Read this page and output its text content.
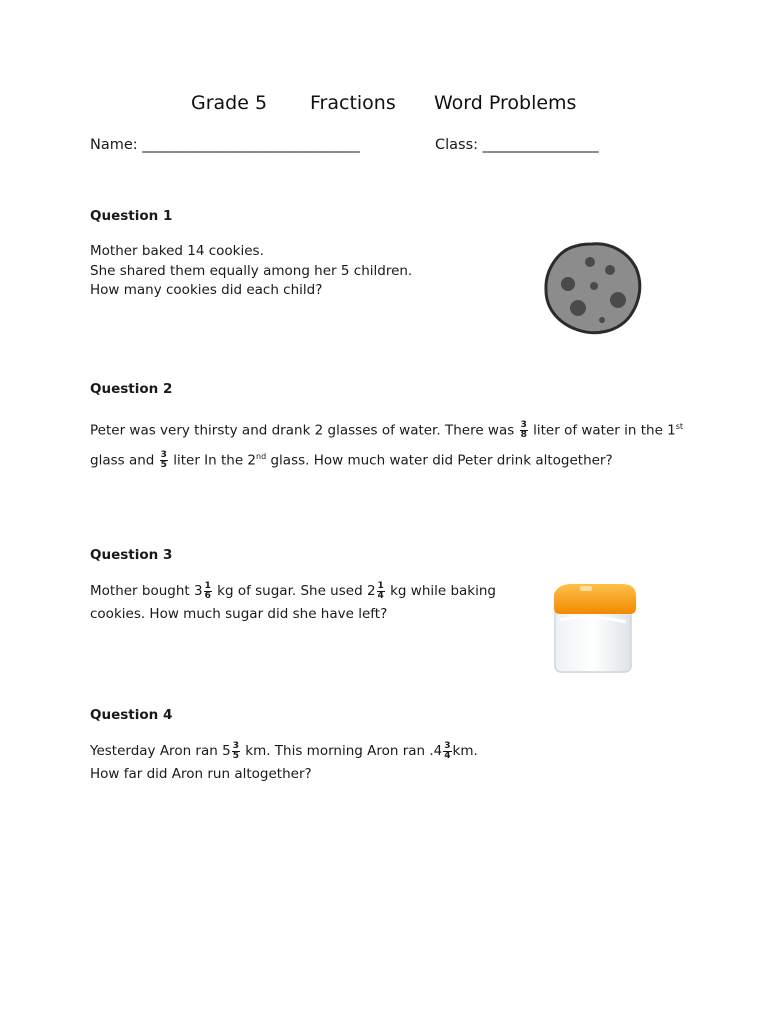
Grade 5 Fractions Word Problems
Name: ______________________________	Class: ________________
Question 1

Mother baked 14 cookies.

She shared them equally among her 5 children.

How many cookies did each child?

Question 2

Peter was very thirsty and drank 2 glasses of water. There was $\frac{3}{8}$ liter of water in the 1st

glass and $\frac{3}{5}$ liter In the 2nd glass. How much water did Peter drink altogether?

Question 3

Mother bought $3 \frac{1}{6}$ kg of sugar. She used $2 \frac{1}{4}$ kg while baking

cookies. How much sugar did she have left?

Question 4

Yesterday Aron ran $5 \frac{3}{5}$ km. This morning Aron ran $.4 \frac{3}{4}$ km.

How far did Aron run altogether?
